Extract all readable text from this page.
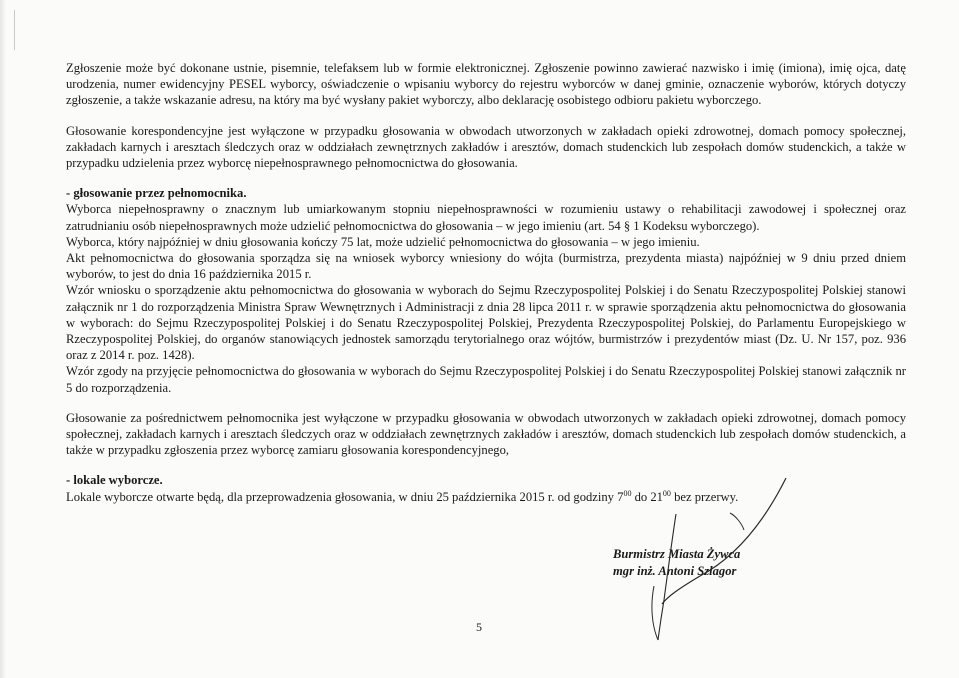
Zgłoszenie może być dokonane ustnie, pisemnie, telefaksem lub w formie elektronicznej. Zgłoszenie powinno zawierać nazwisko i imię (imiona), imię ojca, datę urodzenia, numer ewidencyjny PESEL wyborcy, oświadczenie o wpisaniu wyborcy do rejestru wyborców w danej gminie, oznaczenie wyborów, których dotyczy zgłoszenie, a także wskazanie adresu, na który ma być wysłany pakiet wyborczy, albo deklarację osobistego odbioru pakietu wyborczego.

Głosowanie korespondencyjne jest wyłączone w przypadku głosowania w obwodach utworzonych w zakładach opieki zdrowotnej, domach pomocy społecznej, zakładach karnych i aresztach śledczych oraz w oddziałach zewnętrznych zakładów i aresztów, domach studenckich lub zespołach domów studenckich, a także w przypadku udzielenia przez wyborcę niepełnosprawnego pełnomocnictwa do głosowania.

- głosowanie przez pełnomocnika.

Wyborca niepełnosprawny o znacznym lub umiarkowanym stopniu niepełnosprawności w rozumieniu ustawy o rehabilitacji zawodowej i społecznej oraz zatrudnianiu osób niepełnosprawnych może udzielić pełnomocnictwa do głosowania – w jego imieniu (art. 54 § 1 Kodeksu wyborczego).

Wyborca, który najpóźniej w dniu głosowania kończy 75 lat, może udzielić pełnomocnictwa do głosowania – w jego imieniu.

Akt pełnomocnictwa do głosowania sporządza się na wniosek wyborcy wniesiony do wójta (burmistrza, prezydenta miasta) najpóźniej w 9 dniu przed dniem wyborów, to jest do dnia 16 października 2015 r.

Wzór wniosku o sporządzenie aktu pełnomocnictwa do głosowania w wyborach do Sejmu Rzeczypospolitej Polskiej i do Senatu Rzeczypospolitej Polskiej stanowi załącznik nr 1 do rozporządzenia Ministra Spraw Wewnętrznych i Administracji z dnia 28 lipca 2011 r. w sprawie sporządzenia aktu pełnomocnictwa do głosowania w wyborach: do Sejmu Rzeczypospolitej Polskiej i do Senatu Rzeczypospolitej Polskiej, Prezydenta Rzeczypospolitej Polskiej, do Parlamentu Europejskiego w Rzeczypospolitej Polskiej, do organów stanowiących jednostek samorządu terytorialnego oraz wójtów, burmistrzów i prezydentów miast (Dz. U. Nr 157, poz. 936 oraz z 2014 r. poz. 1428).

Wzór zgody na przyjęcie pełnomocnictwa do głosowania w wyborach do Sejmu Rzeczypospolitej Polskiej i do Senatu Rzeczypospolitej Polskiej stanowi załącznik nr 5 do rozporządzenia.

Głosowanie za pośrednictwem pełnomocnika jest wyłączone w przypadku głosowania w obwodach utworzonych w zakładach opieki zdrowotnej, domach pomocy społecznej, zakładach karnych i aresztach śledczych oraz w oddziałach zewnętrznych zakładów i aresztów, domach studenckich lub zespołach domów studenckich, a także w przypadku zgłoszenia przez wyborcę zamiaru głosowania korespondencyjnego,

- lokale wyborcze.

Lokale wyborcze otwarte będą, dla przeprowadzenia głosowania, w dniu 25 października 2015 r. od godziny $7^{00}$ do $21^{00}$ bez przerwy.

Burmistrz Miasta Żywca
mgr inż. Antoni Szlagor
5
